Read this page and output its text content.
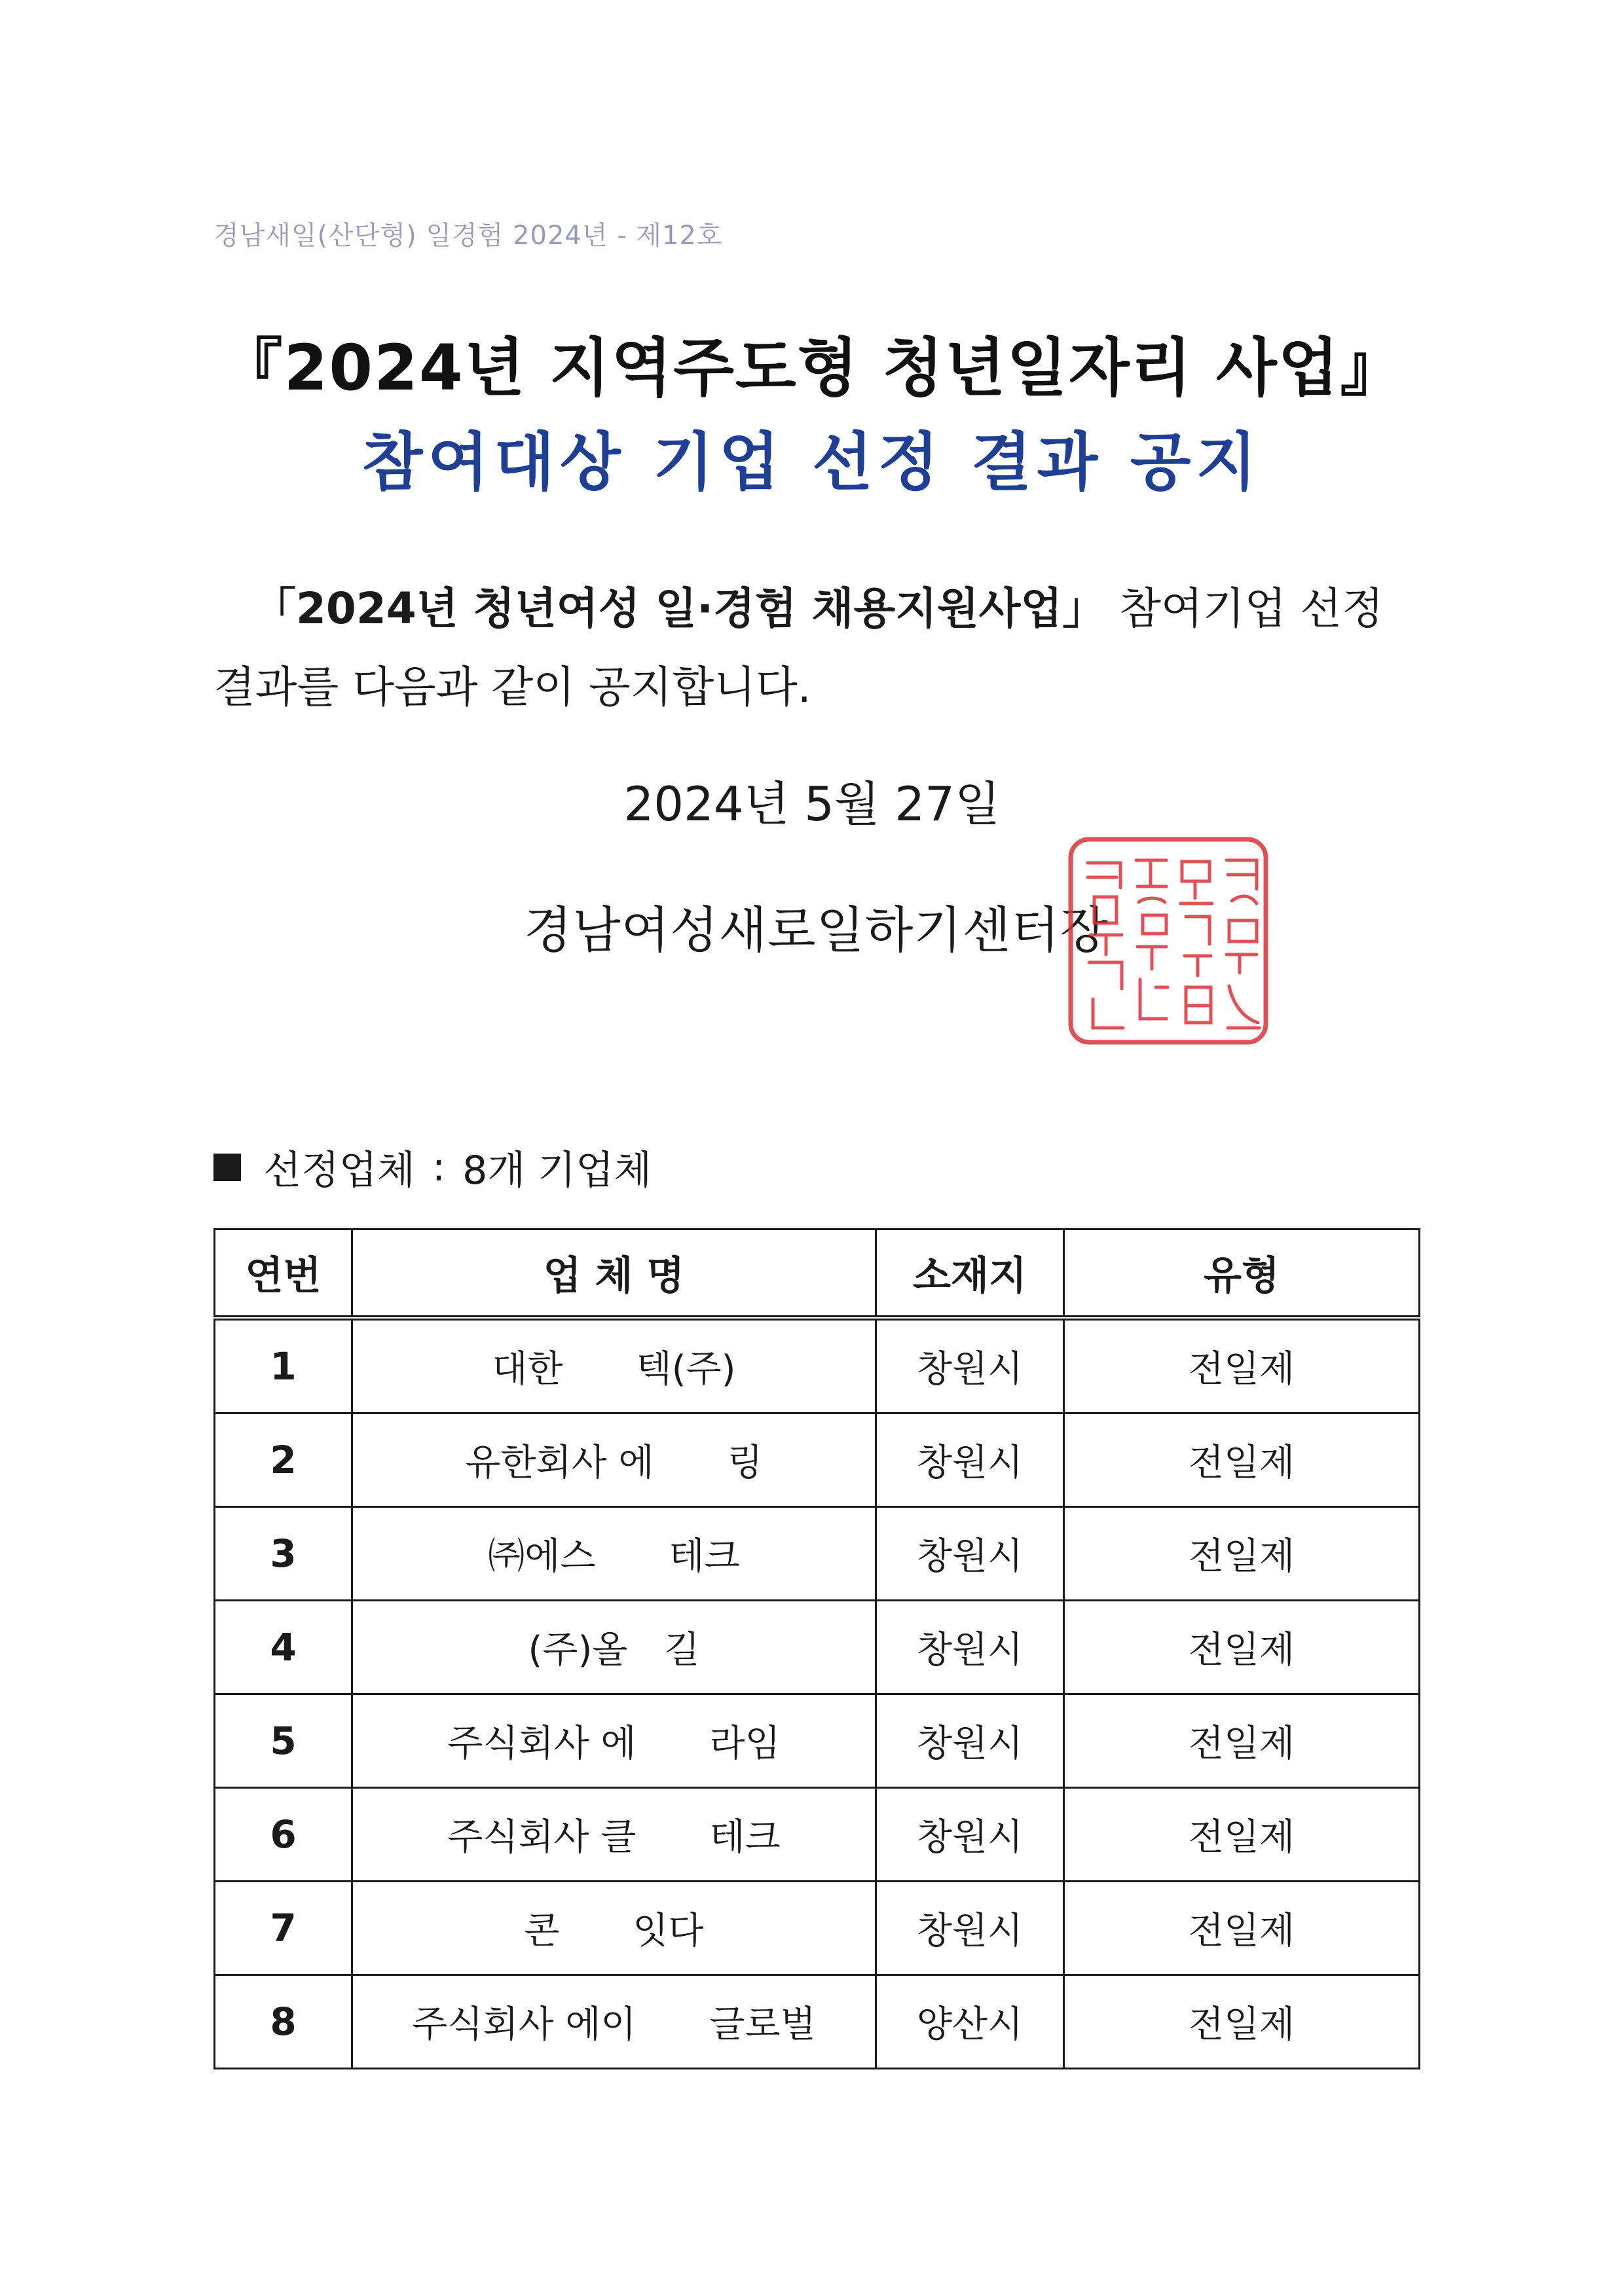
경남새일(산단형) 일경험 2024년 - 제12호
『2024년 지역주도형 청년일자리 사업』
참여대상 기업 선정 결과 공지
「2024년 청년여성 일·경험 채용지원사업」 참여기업 선정
결과를 다음과 같이 공지합니다.
2024년 5월 27일
경남여성새로일하기센터장
선정업체 : 8개 기업체
연번	업 체 명	소재지	유형
1	대한　　텍(주)	창원시	전일제
2	유한회사 에　　링	창원시	전일제
3	㈜에스　　테크	창원시	전일제
4	(주)올　길	창원시	전일제
5	주식회사 에　　라임	창원시	전일제
6	주식회사 클　　테크	창원시	전일제
7	콘　　잇다	창원시	전일제
8	주식회사 에이　　글로벌	양산시	전일제
